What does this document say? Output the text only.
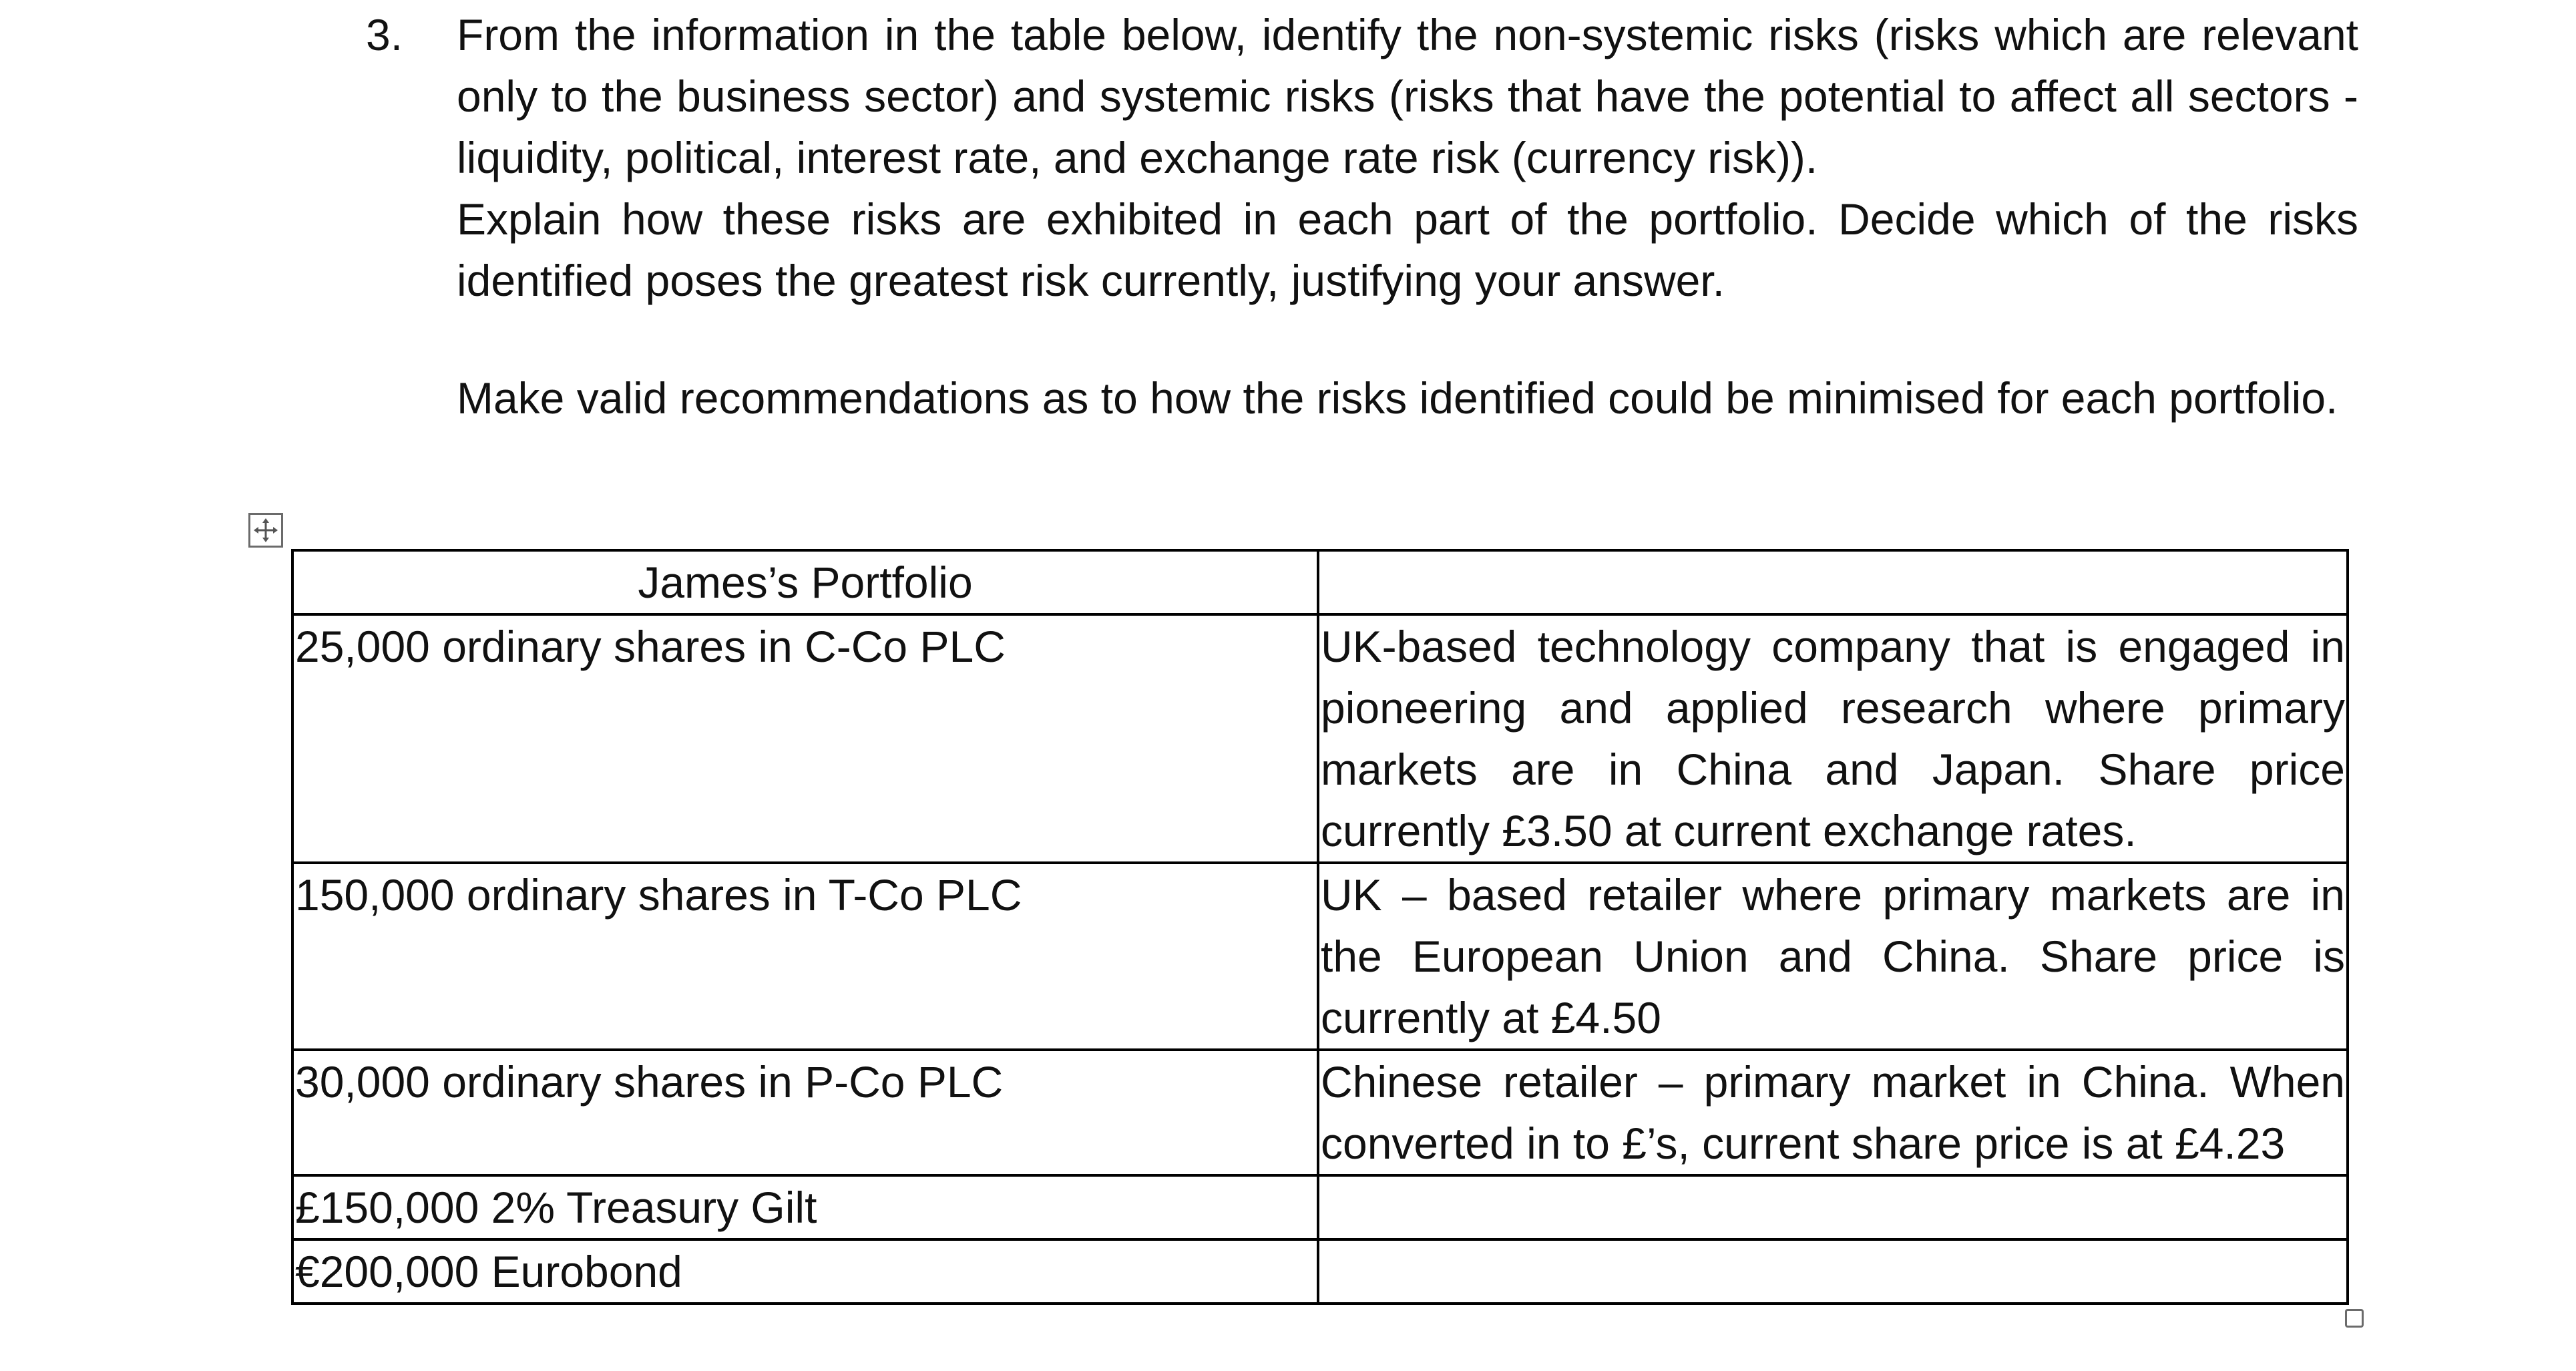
3. From the information in the table below, identify the non-systemic risks (risks which are relevant only to the business sector) and systemic risks (risks that have the potential to affect all sectors - liquidity, political, interest rate, and exchange rate risk (currency risk)).

Explain how these risks are exhibited in each part of the portfolio. Decide which of the risks identified poses the greatest risk currently, justifying your answer.

Make valid recommendations as to how the risks identified could be minimised for each portfolio.

James’s Portfolio	
25,000 ordinary shares in C-Co PLC	UK-based technology company that is engaged in pioneering and applied research where primary markets are in China and Japan. Share price currently £3.50 at current exchange rates.
150,000 ordinary shares in T-Co PLC	UK – based retailer where primary markets are in the European Union and China. Share price is currently at £4.50
30,000 ordinary shares in P-Co PLC	Chinese retailer – primary market in China. When converted in to £’s, current share price is at £4.23
£150,000 2% Treasury Gilt	
€200,000 Eurobond	
